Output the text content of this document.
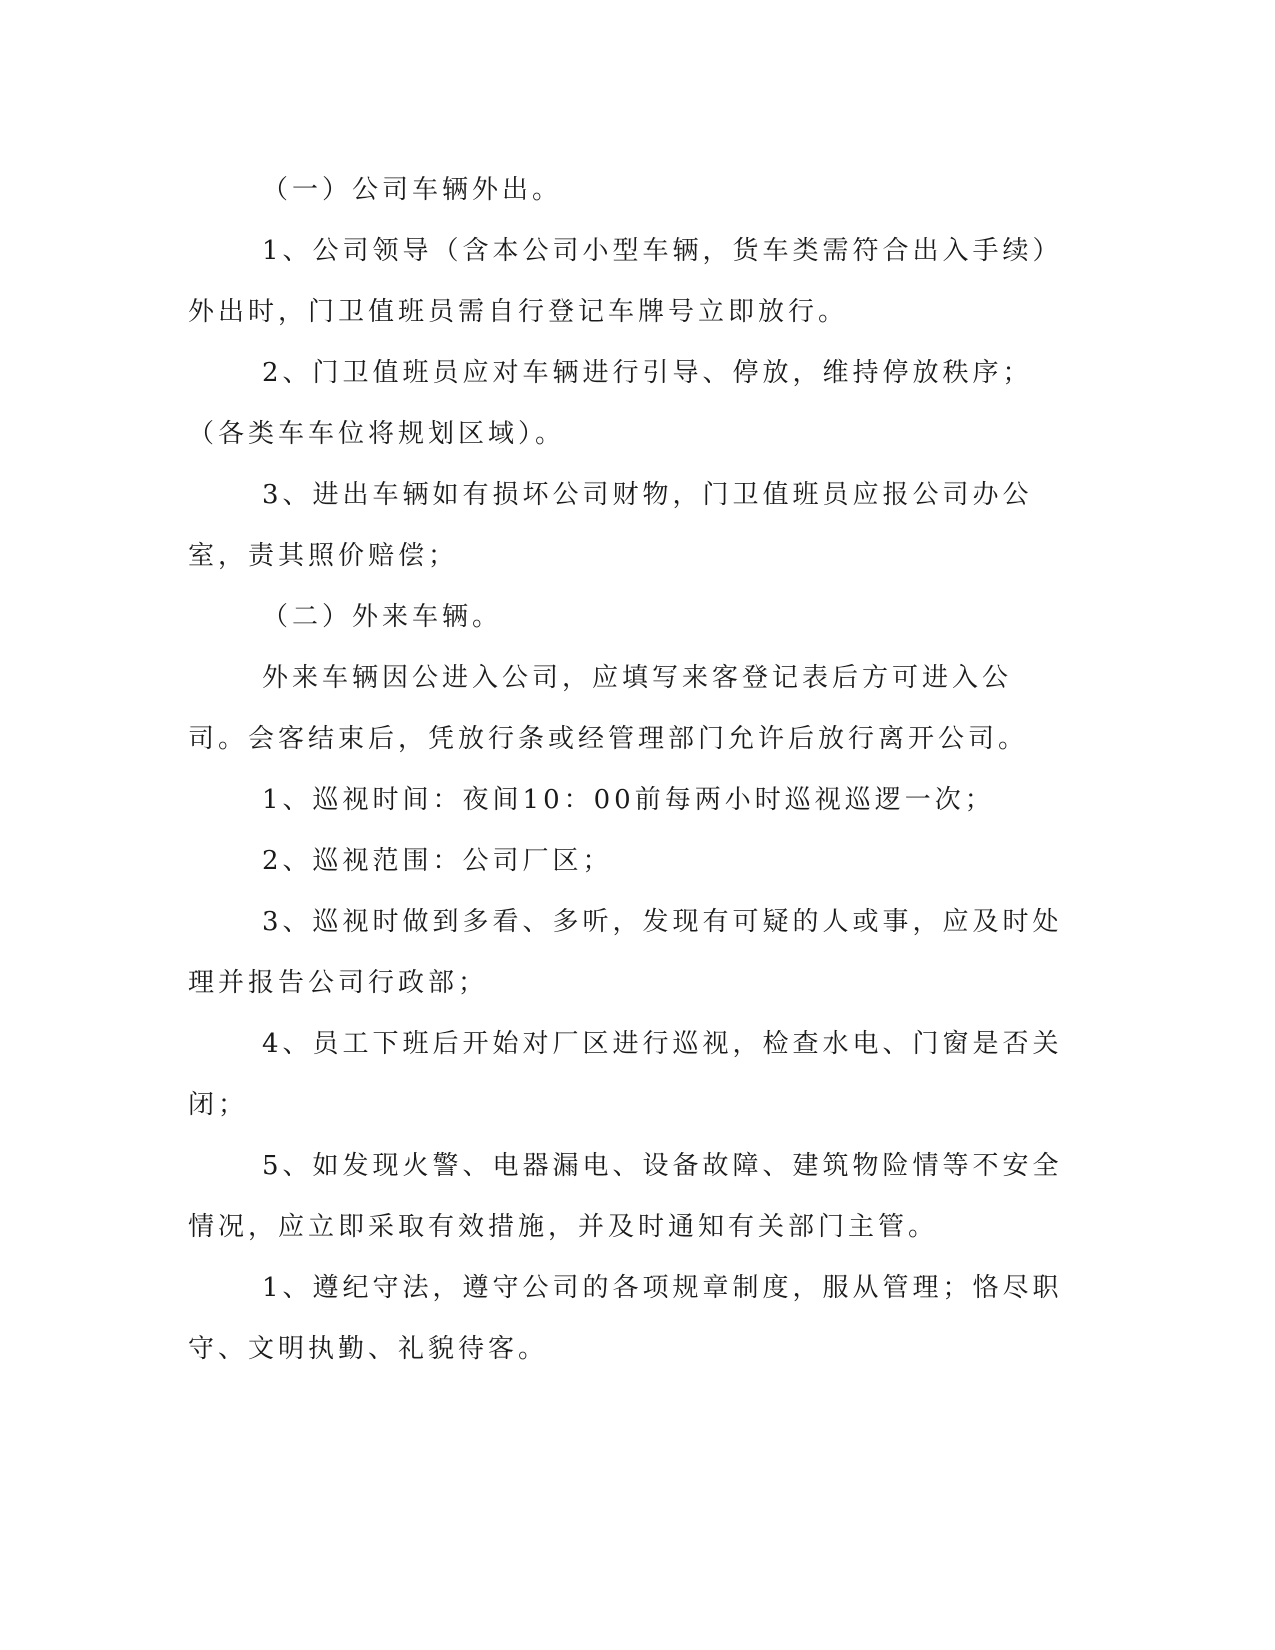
（一）公司车辆外出。

1、公司领导（含本公司小型车辆，货车类需符合出入手续）外出时，门卫值班员需自行登记车牌号立即放行。

2、门卫值班员应对车辆进行引导、停放，维持停放秩序；（各类车车位将规划区域）。

3、进出车辆如有损坏公司财物，门卫值班员应报公司办公室，责其照价赔偿；

（二）外来车辆。

外来车辆因公进入公司，应填写来客登记表后方可进入公司。会客结束后，凭放行条或经管理部门允许后放行离开公司。

1、巡视时间：夜间10：00前每两小时巡视巡逻一次；

2、巡视范围：公司厂区；

3、巡视时做到多看、多听，发现有可疑的人或事，应及时处理并报告公司行政部；

4、员工下班后开始对厂区进行巡视，检查水电、门窗是否关闭；

5、如发现火警、电器漏电、设备故障、建筑物险情等不安全情况，应立即采取有效措施，并及时通知有关部门主管。

1、遵纪守法，遵守公司的各项规章制度，服从管理；恪尽职守、文明执勤、礼貌待客。
